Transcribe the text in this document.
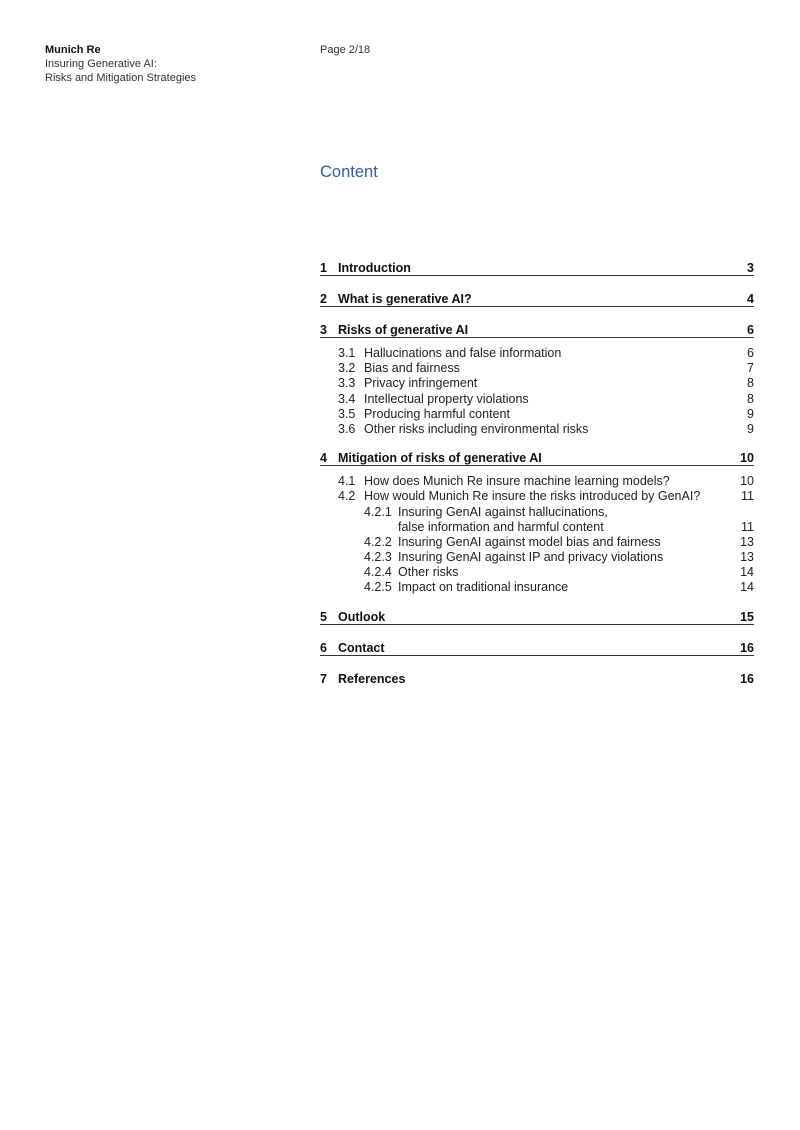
Munich Re
Insuring Generative AI:
Risks and Mitigation Strategies
Page 2/18
Content
1 Introduction	3
2 What is generative AI?	4
3 Risks of generative AI	6
3.1 Hallucinations and false information	6
3.2 Bias and fairness	7
3.3 Privacy infringement	8
3.4 Intellectual property violations	8
3.5 Producing harmful content	9
3.6 Other risks including environmental risks	9
4 Mitigation of risks of generative AI	10
4.1 How does Munich Re insure machine learning models?	10
4.2 How would Munich Re insure the risks introduced by GenAI?	11
4.2.1 Insuring GenAI against hallucinations,
false information and harmful content	11
4.2.2 Insuring GenAI against model bias and fairness	13
4.2.3 Insuring GenAI against IP and privacy violations	13
4.2.4 Other risks	14
4.2.5 Impact on traditional insurance	14
5 Outlook	15
6 Contact	16
7 References	16
